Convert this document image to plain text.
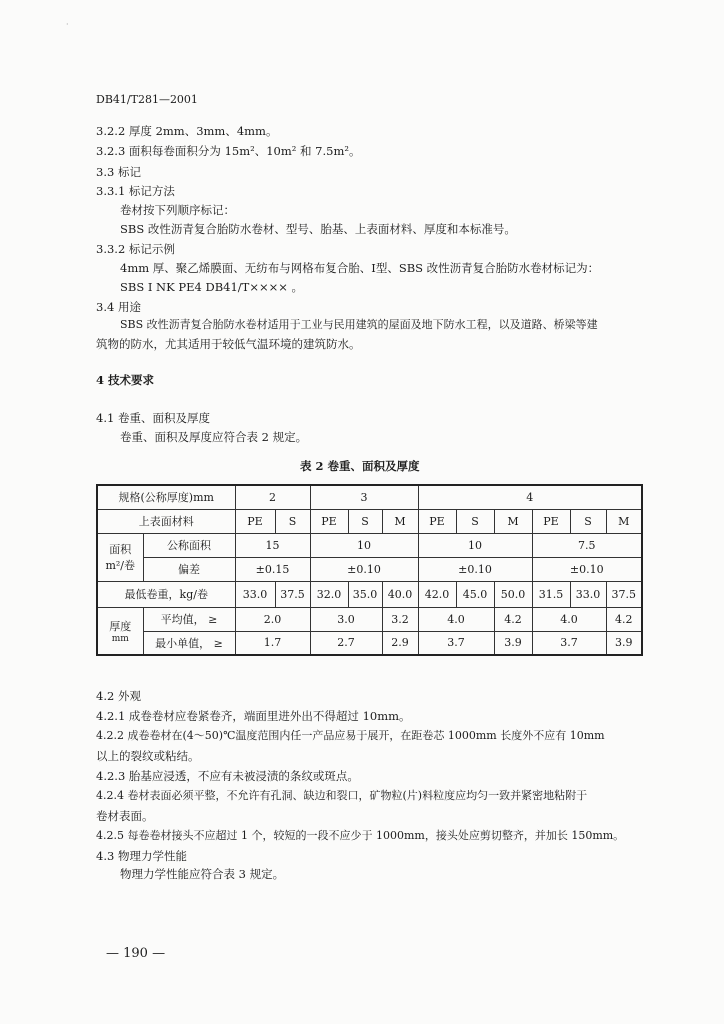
·
DB41/T281—2001
3.2.2 厚度 2mm、3mm、4mm。
3.2.3 面积每卷面积分为 15m²、10m² 和 7.5m²。
3.3 标记
3.3.1 标记方法
卷材按下列顺序标记：
SBS 改性沥青复合胎防水卷材、型号、胎基、上表面材料、厚度和本标准号。
3.3.2 标记示例
4mm 厚、聚乙烯膜面、无纺布与网格布复合胎、Ⅰ型、SBS 改性沥青复合胎防水卷材标记为：
SBS Ⅰ NK PE4 DB41/T×××× 。
3.4 用途
SBS 改性沥青复合胎防水卷材适用于工业与民用建筑的屋面及地下防水工程，以及道路、桥梁等建
筑物的防水，尤其适用于较低气温环境的建筑防水。
4 技术要求
4.1 卷重、面积及厚度
卷重、面积及厚度应符合表 2 规定。
表 2 卷重、面积及厚度
规格(公称厚度)mm		2		3			4					
上表面材料		PE	S	PE	S	M	PE	S	M	PE	S	M

面积
m²/卷	公称面积	15		10			10			7.5		
	偏差	±0.15		±0.10			±0.10			±0.10		
最低卷重，kg/卷		33.0	37.5	32.0	35.0	40.0	42.0	45.0	50.0	31.5	33.0	37.5

厚度
mm	平均值， ≥	2.0		3.0		3.2	4.0		4.2	4.0		4.2
	最小单值， ≥	1.7		2.7		2.9	3.7		3.9	3.7		3.9
4.2 外观
4.2.1 成卷卷材应卷紧卷齐，端面里进外出不得超过 10mm。
4.2.2 成卷卷材在(4～50)℃温度范围内任一产品应易于展开，在距卷芯 1000mm 长度外不应有 10mm
以上的裂纹或粘结。
4.2.3 胎基应浸透，不应有未被浸渍的条纹或斑点。
4.2.4 卷材表面必须平整，不允许有孔洞、缺边和裂口，矿物粒(片)料粒度应均匀一致并紧密地粘附于
卷材表面。
4.2.5 每卷卷材接头不应超过 1 个，较短的一段不应少于 1000mm，接头处应剪切整齐，并加长 150mm。
4.3 物理力学性能
物理力学性能应符合表 3 规定。
— 190 —
